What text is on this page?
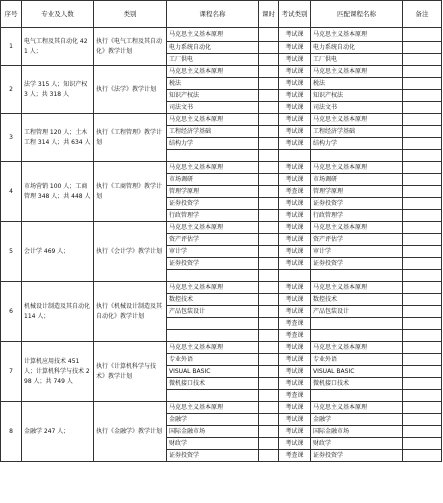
序号	专业及人数	类别	课程名称	课时	考试类别	匹配课程名称	备注
1	电气工程及其自动化 421 人；	执行《电气工程及其自动化》教学计划	马克思主义基本原理		考试课	马克思主义基本原理	
			电力系统自动化		考试课	电力系统自动化	
			工厂供电		考试课	工厂供电	
2	法学 315 人；知识产权 3 人；共 318 人	执行《法学》教学计划	马克思主义基本原理		考试课	马克思主义基本原理	
			税法		考试课	税法	
			知识产权法		考试课	知识产权法	
			司法文书		考试课	司法文书	
3	工程管理 120 人；土木工程 314 人；共 634 人	执行《工程管理》教学计划	马克思主义基本原理		考试课	马克思主义基本原理	
			工程经济学基础		考试课	工程经济学基础	
			结构力学		考试课	结构力学	

4	市场营销 100 人；工商管理 348 人；共 448 人	执行《工商管理》教学计划	马克思主义基本原理		考试课	马克思主义基本原理	
			市场调研		考试课	市场调研	
			管理学原理		考查课	管理学原理	
			证券投资学		考试课	证券投资学	
			行政管理学		考试课	行政管理学	
5	会计学 469 人；	执行《会计学》教学计划	马克思主义基本原理		考试课	马克思主义基本原理	
			资产评估学		考试课	资产评估学	
			审计学		考试课	审计学	
			证券投资学		考试课	证券投资学	

6	机械设计制造及其自动化 114 人；	执行《机械设计制造及其自动化》教学计划	马克思主义基本原理		考试课	马克思主义基本原理	
			数控技术		考试课	数控技术	
			产品包装设计		考试课	产品包装设计	
					考查课		
					考查课		
7	计算机应用技术 451 人；计算机科学与技术 298 人；共 749 人	执行《计算机科学与技术》教学计划	马克思主义基本原理		考试课	马克思主义基本原理	
			专业外语		考试课	专业外语	
			VISUAL BASIC		考试课	VISUAL BASIC	
			微机接口技术		考试课	微机接口技术	
					考查课		
8	金融学 247 人；	执行《金融学》教学计划	马克思主义基本原理		考试课	马克思主义基本原理	
			金融学		考试课	金融学	
			国际金融市场		考试课	国际金融市场	
			财政学		考试课	财政学	
			证券投资学		考查课	证券投资学	
